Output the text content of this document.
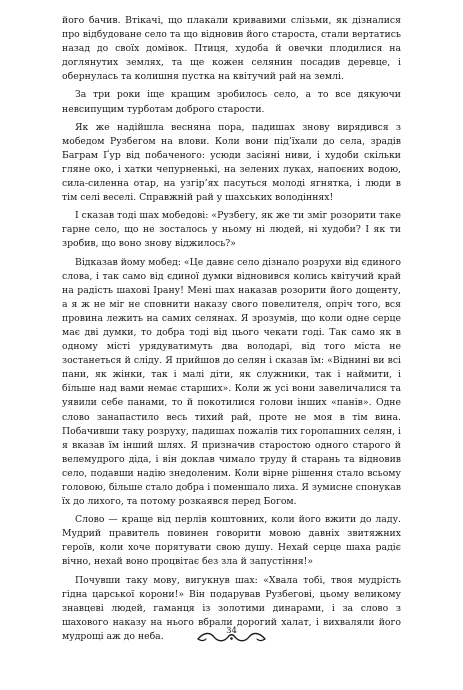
його бачив. Втікачі, що плакали кривавими слізьми, як дізналися про відбудоване село та що відновив його староста, стали вертатись назад до своїх домівок. Птиця, худоба й овечки плодилися на доглянутих землях, та ще кожен селянин посадив деревце, і обернулась та колишня пустка на квітучий рай на землі.

За три роки іще кращим зробилось село, а то все дякуючи невсипущим турботам доброго старости.

Як же надійшла весняна пора, падишах знову вирядився з мобедом Рузбегом на влови. Коли вони під’їхали до села, зрадів Баграм Ґур від побаченого: усюди засіяні ниви, і худоби скільки гляне око, і хатки чепурненькі, на зелених луках, напоєних водою, сила-силенна отар, на узгір’ях пасуться молоді ягнятка, і люди в тім селі веселі. Справжній рай у шахських володіннях!

І сказав тоді шах мобедові: «Рузбегу, як же ти зміг розорити таке гарне село, що не зосталось у ньому ні людей, ні худоби? І як ти зробив, що воно знову віджилось?»

Відказав йому мобед: «Це давнє село дізнало розрухи від єдиного слова, і так само від єдиної думки відновився колись квітучий край на радість шахові Ірану! Мені шах наказав розорити його дощенту, а я ж не міг не сповнити наказу свого повелителя, опріч того, вся провина лежить на самих селянах. Я зрозумів, що коли одне серце має дві думки, то добра тоді від цього чекати годі. Так само як в одному місті урядуватимуть два володарі, від того міста не зостанеться й сліду. Я прийшов до селян і сказав їм: «Віднині ви всі пани, як жінки, так і малі діти, як служники, так і наймити, і більше над вами немає старших». Коли ж усі вони завеличалися та уявили себе панами, то й покотилися голови інших «панів». Одне слово занапастило весь тихий рай, проте не моя в тім вина. Побачивши таку розруху, падишах пожалів тих горопашних селян, і я вказав їм інший шлях. Я призначив старостою одного старого й велемудрого діда, і він доклав чимало труду й старань та відновив село, подавши надію знедоленим. Коли вірне рішення стало всьому головою, більше стало добра і поменшало лиха. Я зумисне спонукав їх до лихого, та потому розкаявся перед Богом.

Слово — краще від перлів коштовних, коли його вжити до ладу. Мудрий правитель повинен говорити мовою давніх звитяжних героїв, коли хоче порятувати свою душу. Нехай серце шаха радіє вічно, нехай воно процвітає без зла й запустіння!»

Почувши таку мову, вигукнув шах: «Хвала тобі, твоя мудрість гідна царської корони!» Він подарував Рузбегові, цьому великому знавцеві людей, гаманця із золотими динарами, і за слово з шахового наказу на нього вбрали дорогий халат, і вихваляли його мудрощі аж до неба.	34
